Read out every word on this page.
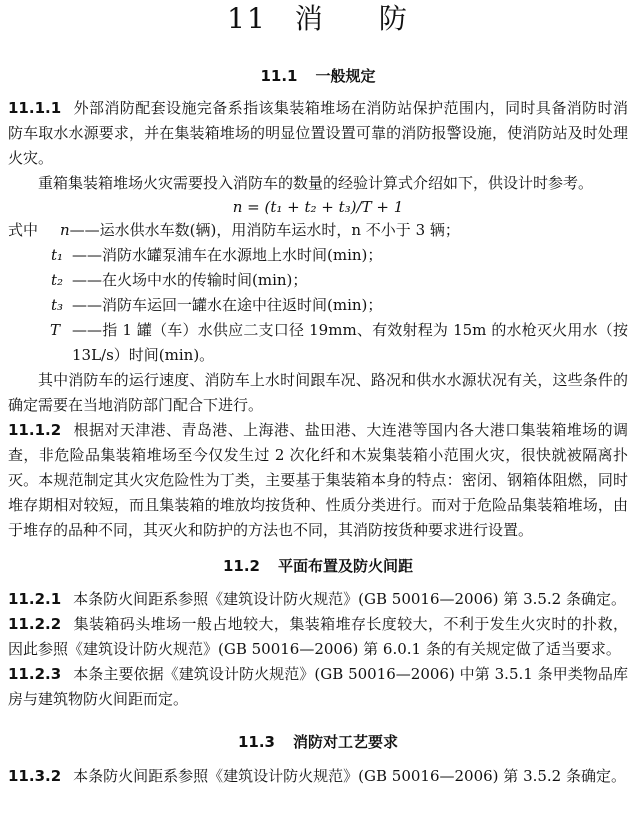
11 消 防
11.1 一般规定

11.1.1 外部消防配套设施完备系指该集装箱堆场在消防站保护范围内，同时具备消防时消防车取水水源要求，并在集装箱堆场的明显位置设置可靠的消防报警设施，使消防站及时处理火灾。

重箱集装箱堆场火灾需要投入消防车的数量的经验计算式介绍如下，供设计时参考。

n = (t₁ + t₂ + t₃)/T + 1
式中	n——运水供水车数(辆)，用消防车运水时，n 不小于 3 辆；
t₁ ——消防水罐泵浦车在水源地上水时间(min)；
t₂ ——在火场中水的传输时间(min)；
t₃ ——消防车运回一罐水在途中往返时间(min)；
T ——指 1 罐（车）水供应二支口径 19mm、有效射程为 15m 的水枪灭火用水（按 13L/s）时间(min)。

其中消防车的运行速度、消防车上水时间跟车况、路况和供水水源状况有关，这些条件的确定需要在当地消防部门配合下进行。

11.1.2 根据对天津港、青岛港、上海港、盐田港、大连港等国内各大港口集装箱堆场的调查，非危险品集装箱堆场至今仅发生过 2 次化纤和木炭集装箱小范围火灾，很快就被隔离扑灭。本规范制定其火灾危险性为丁类，主要基于集装箱本身的特点：密闭、钢箱体阻燃，同时堆存期相对较短，而且集装箱的堆放均按货种、性质分类进行。而对于危险品集装箱堆场，由于堆存的品种不同，其灭火和防护的方法也不同，其消防按货种要求进行设置。

11.2 平面布置及防火间距

11.2.1 本条防火间距系参照《建筑设计防火规范》(GB 50016—2006) 第 3.5.2 条确定。

11.2.2 集装箱码头堆场一般占地较大，集装箱堆存长度较大，不利于发生火灾时的扑救，因此参照《建筑设计防火规范》(GB 50016—2006) 第 6.0.1 条的有关规定做了适当要求。

11.2.3 本条主要依据《建筑设计防火规范》(GB 50016—2006) 中第 3.5.1 条甲类物品库房与建筑物防火间距而定。

11.3 消防对工艺要求

11.3.2 本条防火间距系参照《建筑设计防火规范》(GB 50016—2006) 第 3.5.2 条确定。
